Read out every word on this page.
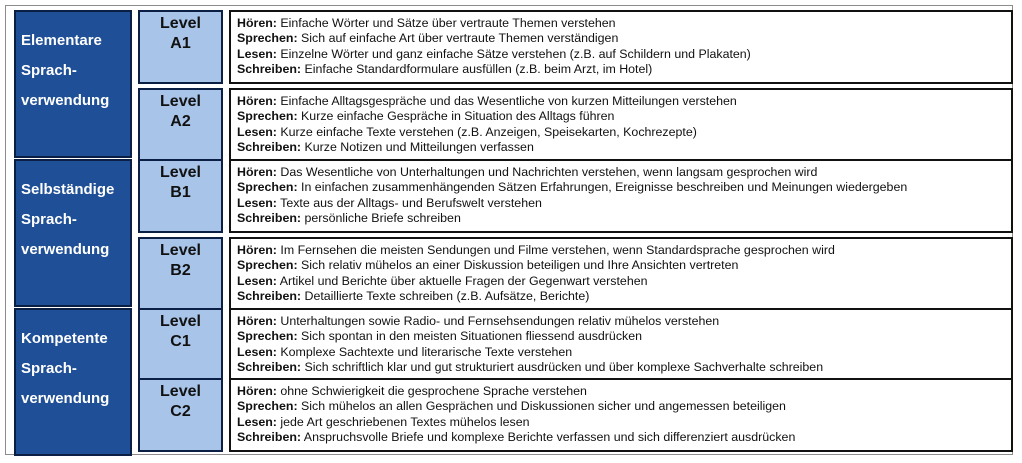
Elementare
Sprach-
verwendung
Level
A1
Hören: Einfache Wörter und Sätze über vertraute Themen verstehen
Sprechen: Sich auf einfache Art über vertraute Themen verständigen
Lesen: Einzelne Wörter und ganz einfache Sätze verstehen (z.B. auf Schildern und Plakaten)
Schreiben: Einfache Standardformulare ausfüllen (z.B. beim Arzt, im Hotel)
Level
A2
Hören: Einfache Alltagsgespräche und das Wesentliche von kurzen Mitteilungen verstehen
Sprechen: Kurze einfache Gespräche in Situation des Alltags führen
Lesen: Kurze einfache Texte verstehen (z.B. Anzeigen, Speisekarten, Kochrezepte)
Schreiben: Kurze Notizen und Mitteilungen verfassen
Selbständige
Sprach-
verwendung
Level
B1
Hören: Das Wesentliche von Unterhaltungen und Nachrichten verstehen, wenn langsam gesprochen wird
Sprechen: In einfachen zusammenhängenden Sätzen Erfahrungen, Ereignisse beschreiben und Meinungen wiedergeben
Lesen: Texte aus der Alltags- und Berufswelt verstehen
Schreiben: persönliche Briefe schreiben
Level
B2
Hören: Im Fernsehen die meisten Sendungen und Filme verstehen, wenn Standardsprache gesprochen wird
Sprechen: Sich relativ mühelos an einer Diskussion beteiligen und Ihre Ansichten vertreten
Lesen: Artikel und Berichte über aktuelle Fragen der Gegenwart verstehen
Schreiben: Detaillierte Texte schreiben (z.B. Aufsätze, Berichte)
Kompetente
Sprach-
verwendung
Level
C1
Hören: Unterhaltungen sowie Radio- und Fernsehsendungen relativ mühelos verstehen
Sprechen: Sich spontan in den meisten Situationen fliessend ausdrücken
Lesen: Komplexe Sachtexte und literarische Texte verstehen
Schreiben: Sich schriftlich klar und gut strukturiert ausdrücken und über komplexe Sachverhalte schreiben
Level
C2
Hören: ohne Schwierigkeit die gesprochene Sprache verstehen
Sprechen: Sich mühelos an allen Gesprächen und Diskussionen sicher und angemessen beteiligen
Lesen: jede Art geschriebenen Textes mühelos lesen
Schreiben: Anspruchsvolle Briefe und komplexe Berichte verfassen und sich differenziert ausdrücken
